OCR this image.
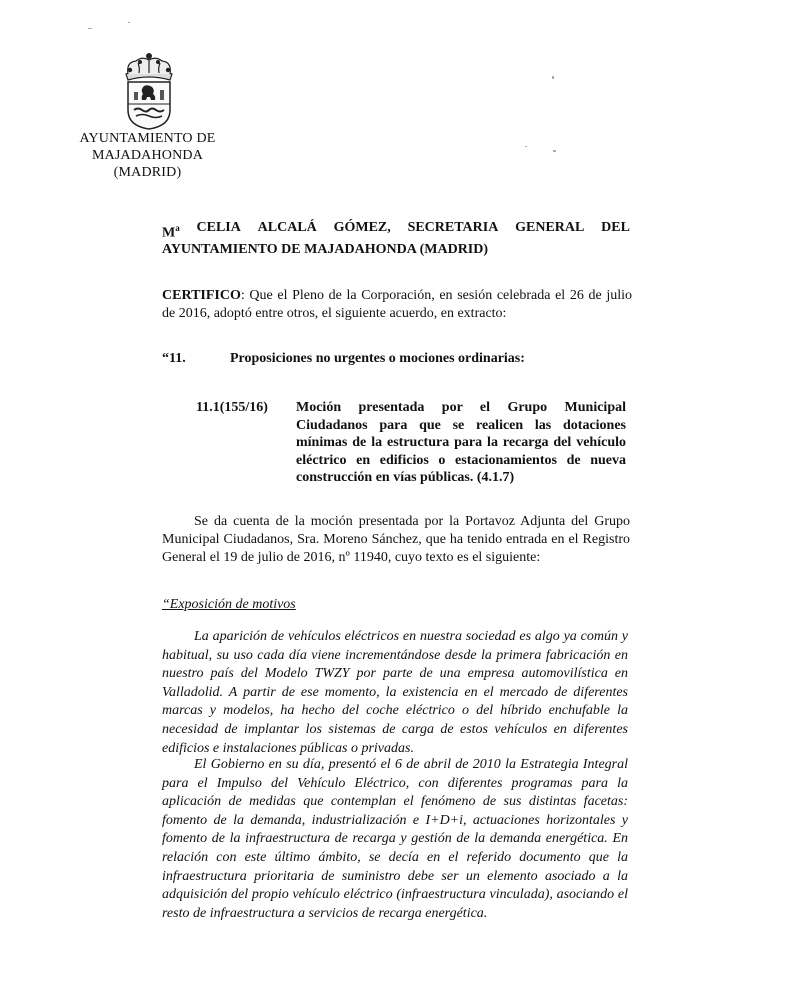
AYUNTAMIENTO DE
MAJADAHONDA
(MADRID)
$M^a$ CELIA ALCALÁ GÓMEZ, SECRETARIA GENERAL DEL
AYUNTAMIENTO DE MAJADAHONDA (MADRID)
CERTIFICO: Que el Pleno de la Corporación, en sesión celebrada el 26 de julio de 2016, adoptó entre otros, el siguiente acuerdo, en extracto:
“11.	Proposiciones no urgentes o mociones ordinarias:
11.1(155/16) Moción presentada por el Grupo Municipal Ciudadanos para que se realicen las dotaciones mínimas de la estructura para la recarga del vehículo eléctrico en edificios o estacionamientos de nueva construcción en vías públicas. (4.1.7)
Se da cuenta de la moción presentada por la Portavoz Adjunta del Grupo Municipal Ciudadanos, Sra. Moreno Sánchez, que ha tenido entrada en el Registro General el 19 de julio de 2016, nº 11940, cuyo texto es el siguiente:
“Exposición de motivos
La aparición de vehículos eléctricos en nuestra sociedad es algo ya común y habitual, su uso cada día viene incrementándose desde la primera fabricación en nuestro país del Modelo TWZY por parte de una empresa automovilística en Valladolid. A partir de ese momento, la existencia en el mercado de diferentes marcas y modelos, ha hecho del coche eléctrico o del híbrido enchufable la necesidad de implantar los sistemas de carga de estos vehículos en diferentes edificios e instalaciones públicas o privadas.
El Gobierno en su día, presentó el 6 de abril de 2010 la Estrategia Integral para el Impulso del Vehículo Eléctrico, con diferentes programas para la aplicación de medidas que contemplan el fenómeno de sus distintas facetas: fomento de la demanda, industrialización e I+D+i, actuaciones horizontales y fomento de la infraestructura de recarga y gestión de la demanda energética. En relación con este último ámbito, se decía en el referido documento que la infraestructura prioritaria de suministro debe ser un elemento asociado a la adquisición del propio vehículo eléctrico (infraestructura vinculada), asociando el resto de infraestructura a servicios de recarga energética.
